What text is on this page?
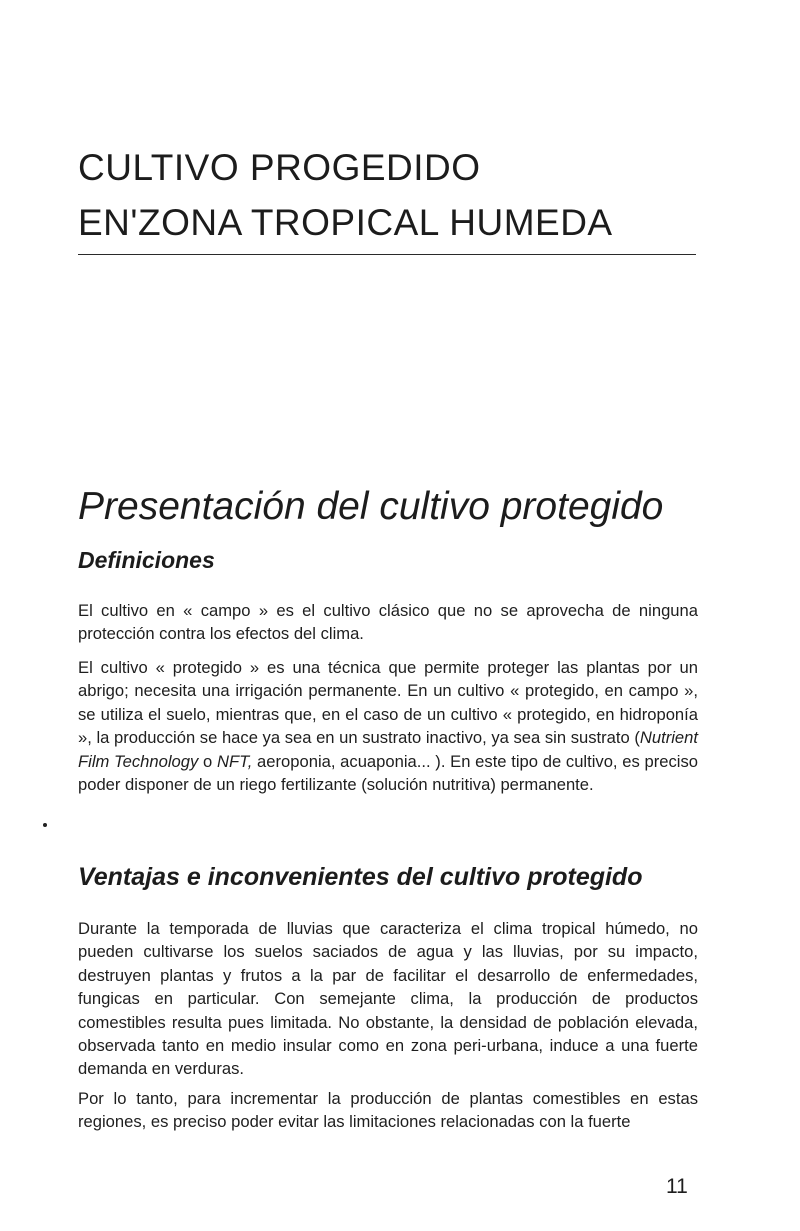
CULTIVO PROGEDIDO
EN'ZONA TROPICAL HUMEDA
Presentación del cultivo protegido
Definiciones

El cultivo en « campo » es el cultivo clásico que no se aprovecha de ninguna protección contra los efectos del clima.

El cultivo « protegido » es una técnica que permite proteger las plantas por un abrigo; necesita una irrigación permanente. En un cultivo « protegido, en campo », se utiliza el suelo, mientras que, en el caso de un cultivo « protegido, en hidroponía », la producción se hace ya sea en un sustrato inactivo, ya sea sin sustrato (Nutrient Film Technology o NFT, aeroponia, acuaponia... ). En este tipo de cultivo, es preciso poder disponer de un riego fertilizante (solución nutritiva) permanente.

Ventajas e inconvenientes del cultivo protegido

Durante la temporada de lluvias que caracteriza el clima tropical húmedo, no pueden cultivarse los suelos saciados de agua y las lluvias, por su impacto, destruyen plantas y frutos a la par de facilitar el desarrollo de enfermedades, fungicas en particular. Con semejante clima, la producción de productos comestibles resulta pues limitada. No obstante, la densidad de población elevada, observada tanto en medio insular como en zona peri-urbana, induce a una fuerte demanda en verduras.

Por lo tanto, para incrementar la producción de plantas comestibles en estas regiones, es preciso poder evitar las limitaciones relacionadas con la fuerte

11
